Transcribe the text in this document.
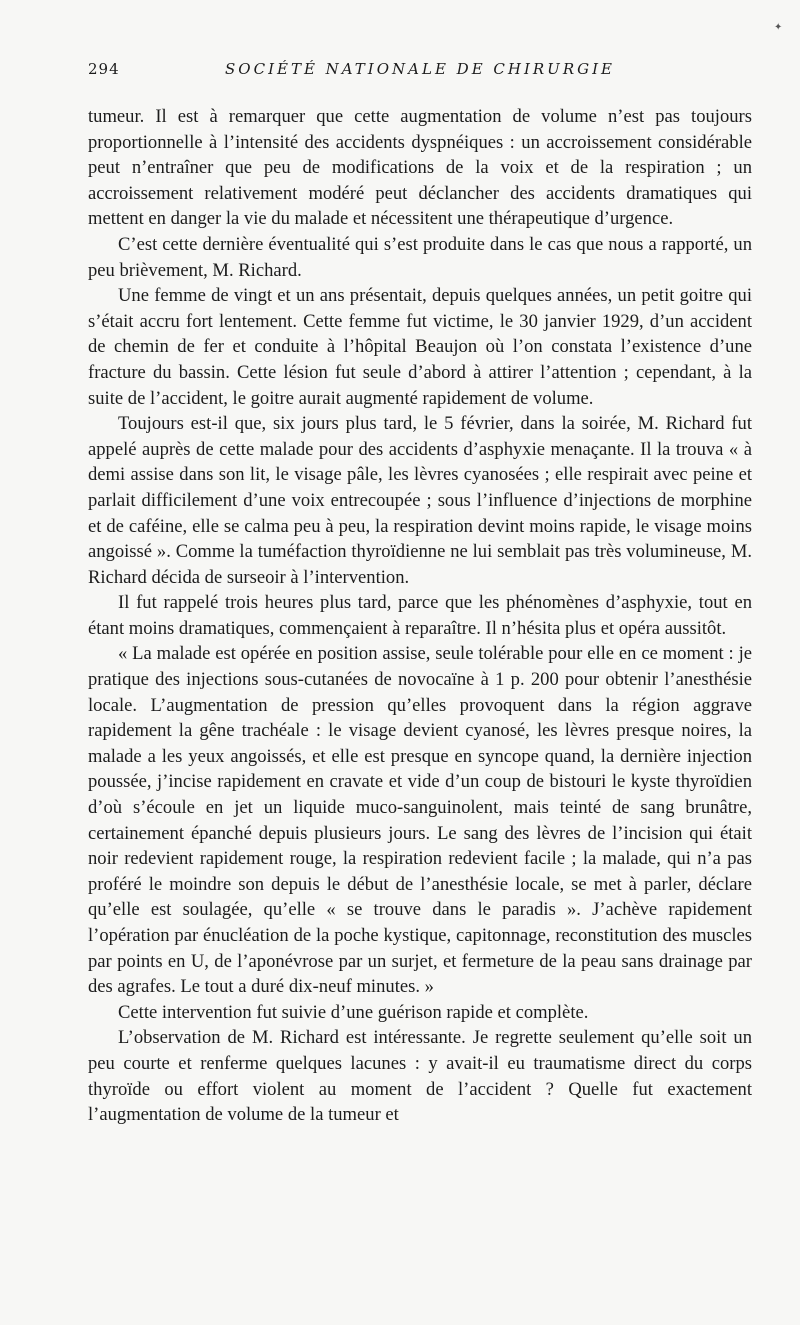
✦
294	SOCIÉTÉ NATIONALE DE CHIRURGIE

tumeur. Il est à remarquer que cette augmentation de volume n’est pas toujours proportionnelle à l’intensité des accidents dyspnéiques : un accroissement considérable peut n’entraîner que peu de modifications de la voix et de la respiration ; un accroissement relativement modéré peut déclancher des accidents dramatiques qui mettent en danger la vie du malade et nécessitent une thérapeutique d’urgence.

C’est cette dernière éventualité qui s’est produite dans le cas que nous a rapporté, un peu brièvement, M. Richard.

Une femme de vingt et un ans présentait, depuis quelques années, un petit goitre qui s’était accru fort lentement. Cette femme fut victime, le 30 janvier 1929, d’un accident de chemin de fer et conduite à l’hôpital Beaujon où l’on constata l’existence d’une fracture du bassin. Cette lésion fut seule d’abord à attirer l’attention ; cependant, à la suite de l’accident, le goitre aurait augmenté rapidement de volume.

Toujours est-il que, six jours plus tard, le 5 février, dans la soirée, M. Richard fut appelé auprès de cette malade pour des accidents d’asphyxie menaçante. Il la trouva « à demi assise dans son lit, le visage pâle, les lèvres cyanosées ; elle respirait avec peine et parlait difficilement d’une voix entrecoupée ; sous l’influence d’injections de morphine et de caféine, elle se calma peu à peu, la respiration devint moins rapide, le visage moins angoissé ». Comme la tuméfaction thyroïdienne ne lui semblait pas très volumineuse, M. Richard décida de surseoir à l’intervention.

Il fut rappelé trois heures plus tard, parce que les phénomènes d’asphyxie, tout en étant moins dramatiques, commençaient à reparaître. Il n’hésita plus et opéra aussitôt.

« La malade est opérée en position assise, seule tolérable pour elle en ce moment : je pratique des injections sous-cutanées de novocaïne à 1 p. 200 pour obtenir l’anesthésie locale. L’augmentation de pression qu’elles provoquent dans la région aggrave rapidement la gêne trachéale : le visage devient cyanosé, les lèvres presque noires, la malade a les yeux angoissés, et elle est presque en syncope quand, la dernière injection poussée, j’incise rapidement en cravate et vide d’un coup de bistouri le kyste thyroïdien d’où s’écoule en jet un liquide muco-sanguinolent, mais teinté de sang brunâtre, certainement épanché depuis plusieurs jours. Le sang des lèvres de l’incision qui était noir redevient rapidement rouge, la respiration redevient facile ; la malade, qui n’a pas proféré le moindre son depuis le début de l’anesthésie locale, se met à parler, déclare qu’elle est soulagée, qu’elle « se trouve dans le paradis ». J’achève rapidement l’opération par énucléation de la poche kystique, capitonnage, reconstitution des muscles par points en U, de l’aponévrose par un surjet, et fermeture de la peau sans drainage par des agrafes. Le tout a duré dix-neuf minutes. »

Cette intervention fut suivie d’une guérison rapide et complète.

L’observation de M. Richard est intéressante. Je regrette seulement qu’elle soit un peu courte et renferme quelques lacunes : y avait-il eu traumatisme direct du corps thyroïde ou effort violent au moment de l’accident ? Quelle fut exactement l’augmentation de volume de la tumeur et
